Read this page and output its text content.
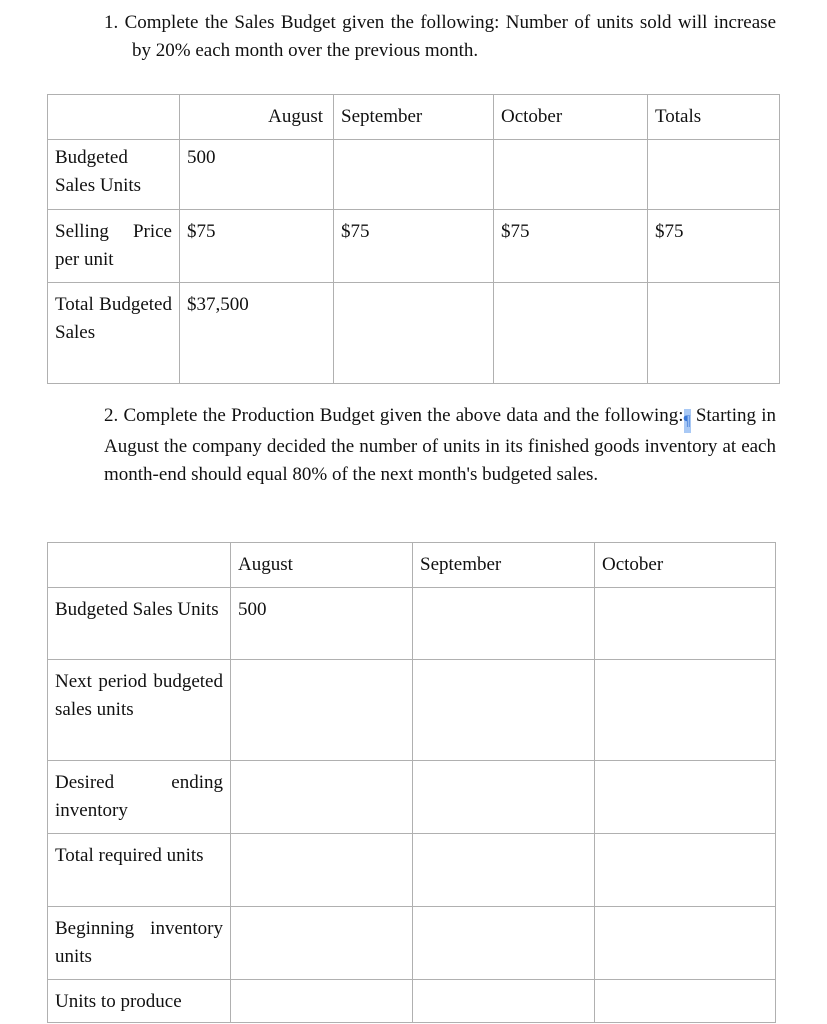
1. Complete the Sales Budget given the following: Number of units sold will increase by 20% each month over the previous month.
	August	September	October	Totals
Budgeted Sales Units	500			
Selling Price per unit	$75	$75	$75	$75
Total Budgeted Sales	$37,500			
2. Complete the Production Budget given the above data and the following:¶ Starting in August the company decided the number of units in its finished goods inventory at each month-end should equal 80% of the next month's budgeted sales.
	August	September	October
Budgeted Sales Units	500		
Next period budgeted sales units			
Desired ending inventory			
Total required units			
Beginning inventory units			
Units to produce			
